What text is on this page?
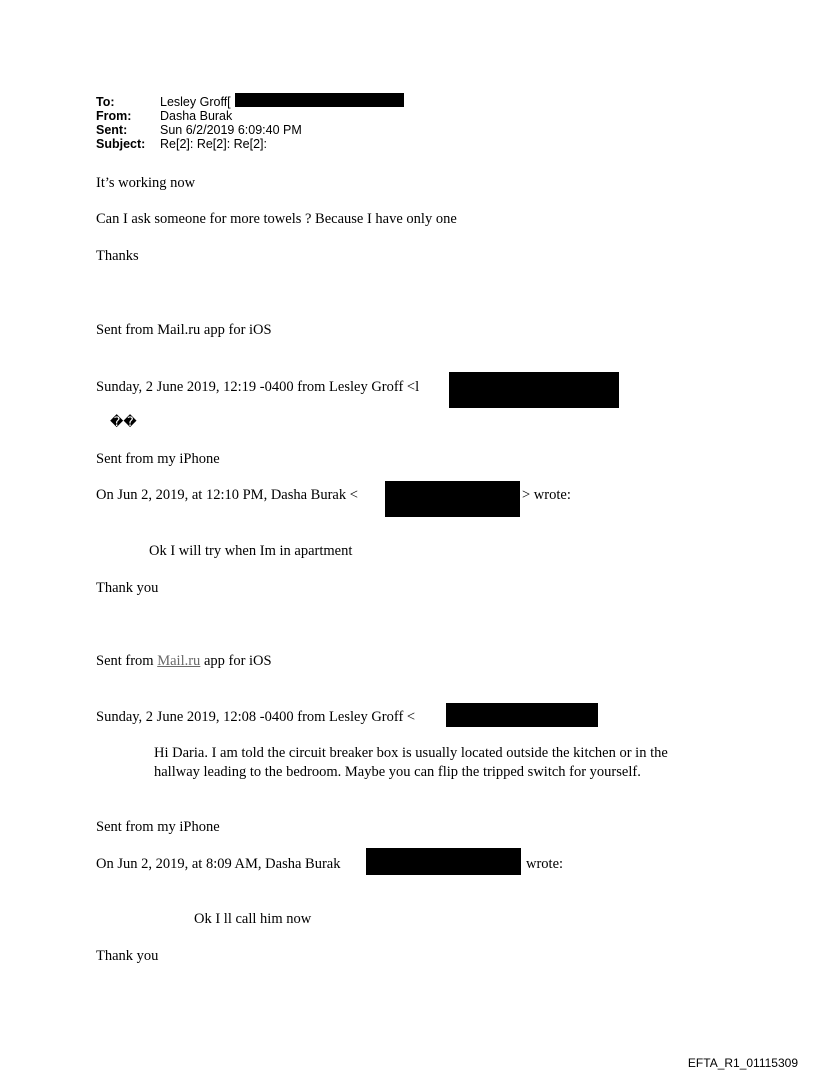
To:	Lesley Groff[
From:	Dasha Burak
Sent:	Sun 6/2/2019 6:09:40 PM
Subject:	Re[2]: Re[2]: Re[2]:
It’s working now
Can I ask someone for more towels ? Because I have only one
Thanks
Sent from Mail.ru app for iOS
Sunday, 2 June 2019, 12:19 -0400 from Lesley Groff <l
��
Sent from my iPhone
On Jun 2, 2019, at 12:10 PM, Dasha Burak <	> wrote:
Ok I will try when Im in apartment
Thank you
Sent from Mail.ru app for iOS
Sunday, 2 June 2019, 12:08 -0400 from Lesley Groff <
Hi Daria. I am told the circuit breaker box is usually located outside the kitchen or in the hallway leading to the bedroom. Maybe you can flip the tripped switch for yourself.
Sent from my iPhone
On Jun 2, 2019, at 8:09 AM, Dasha Burak	wrote:
Ok I ll call him now
Thank you
EFTA_R1_01115309
